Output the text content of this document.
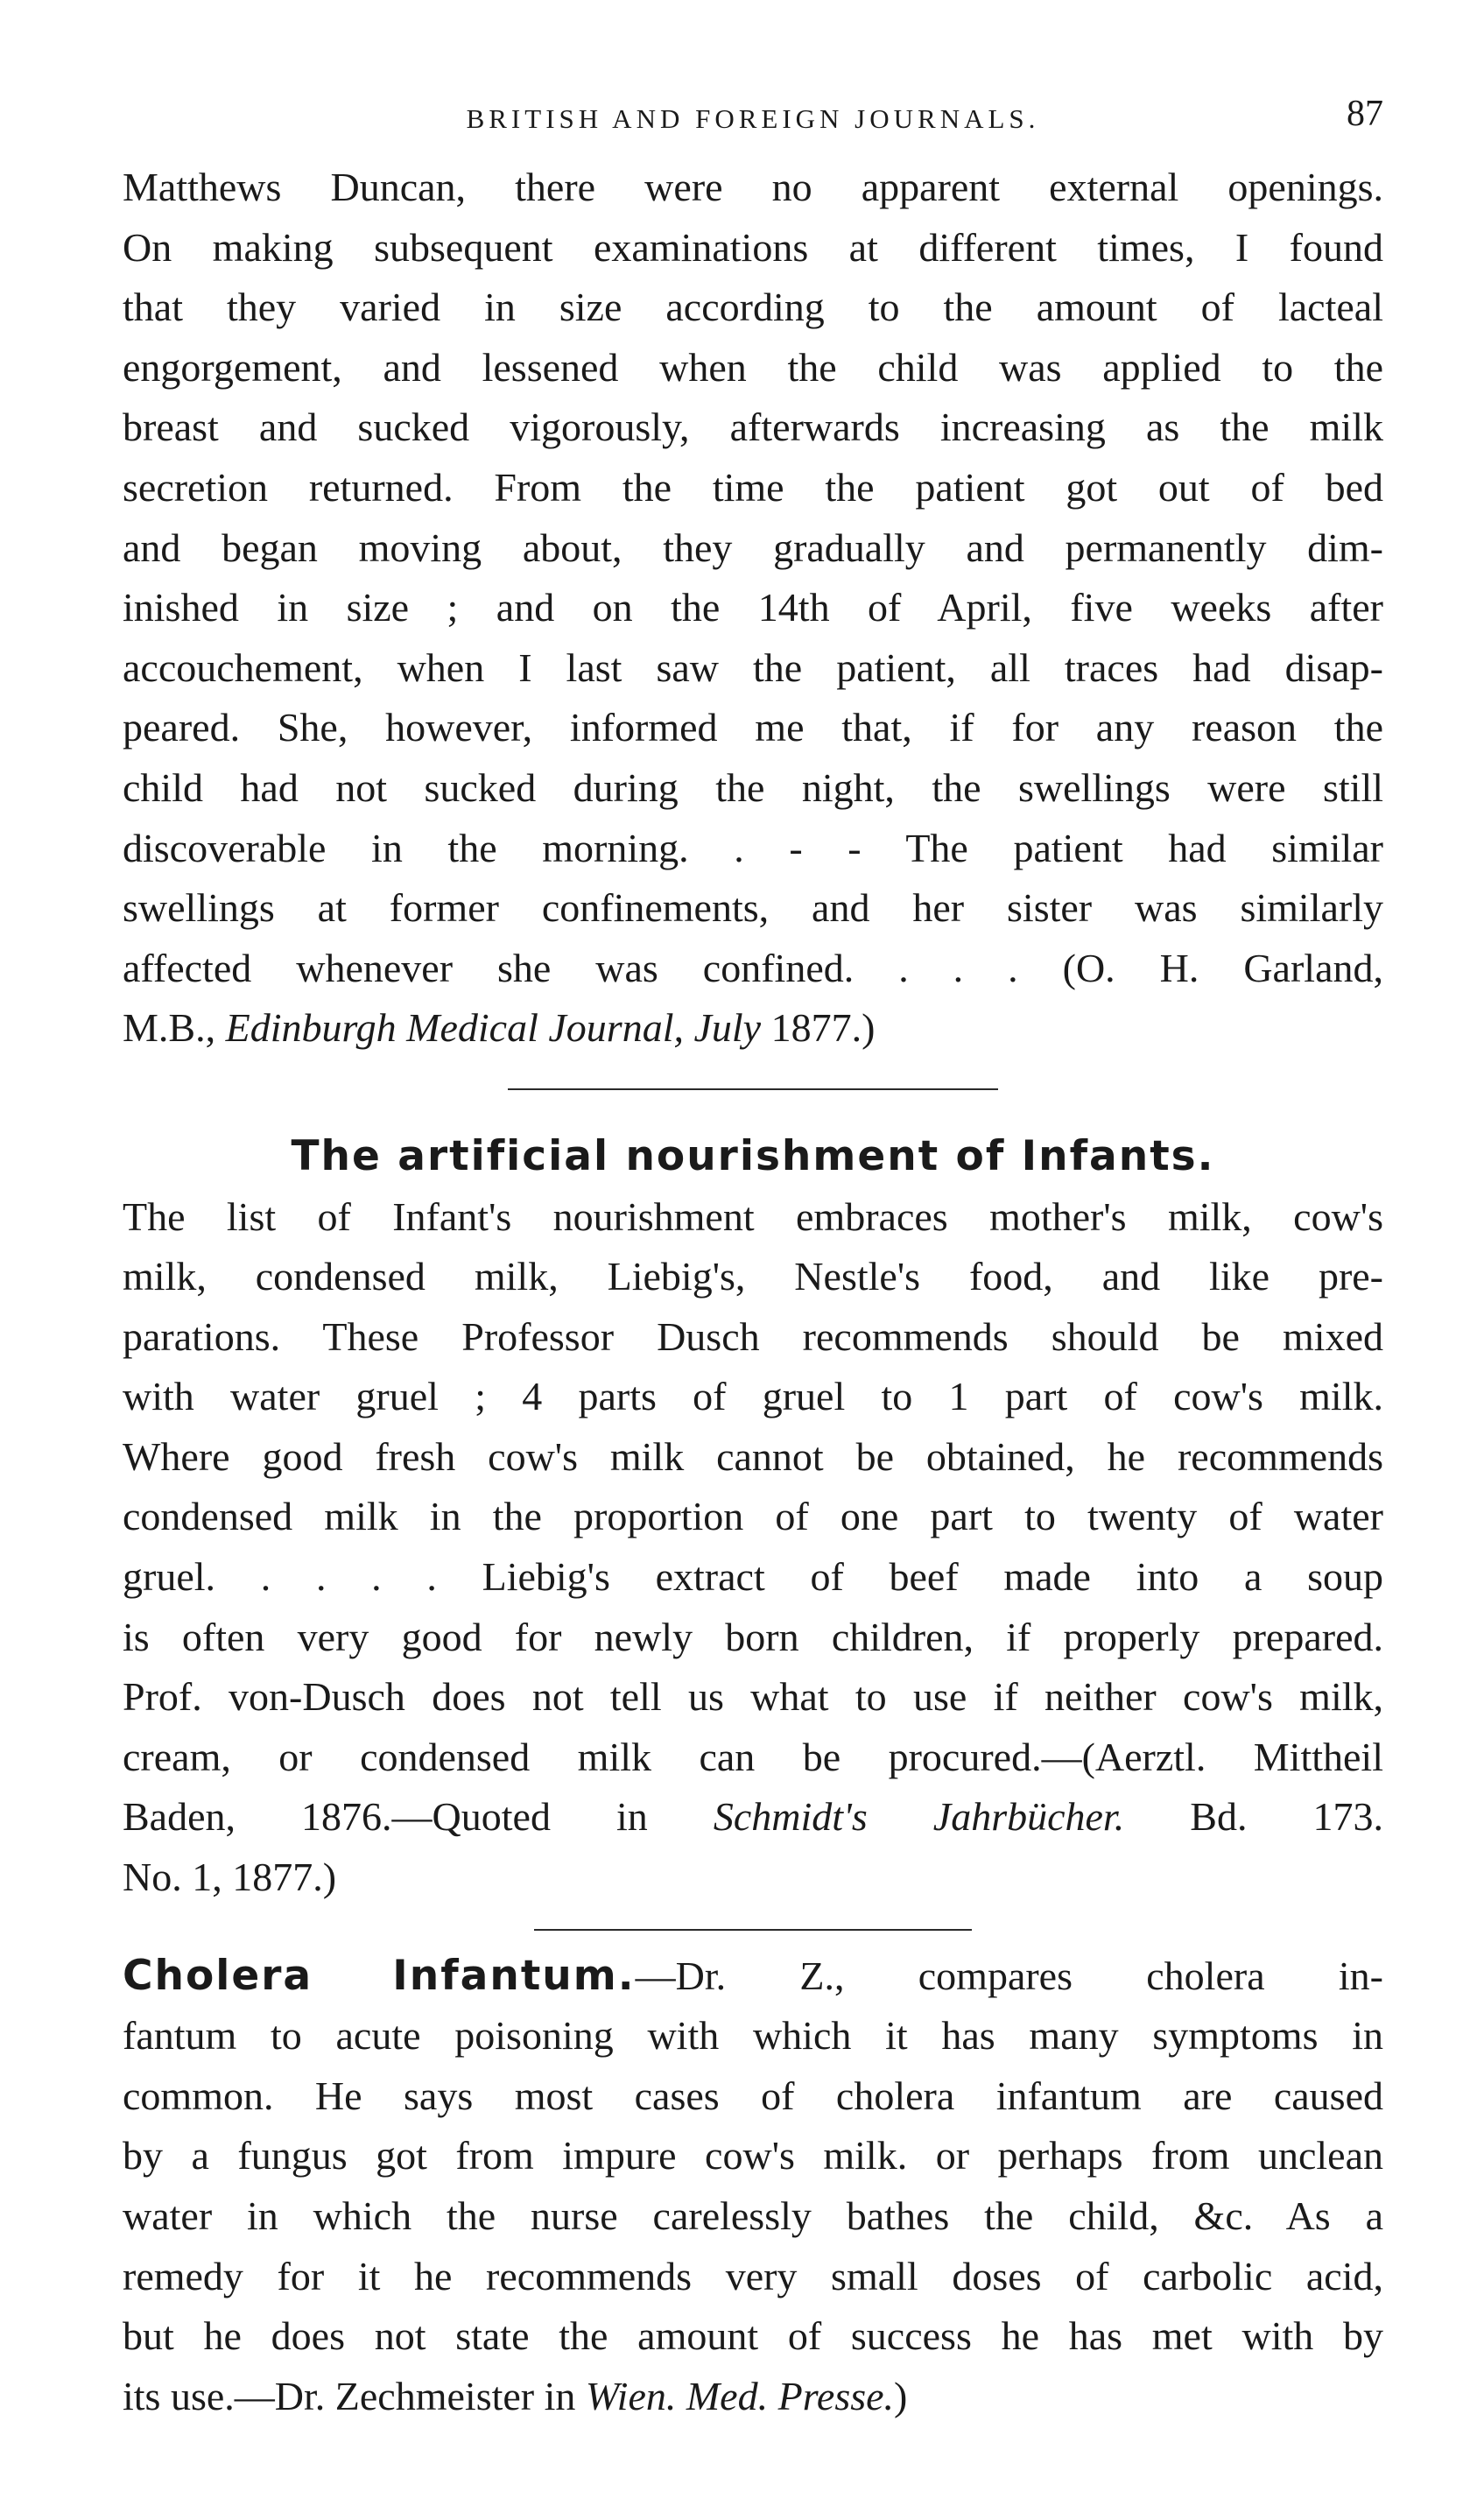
BRITISH AND FOREIGN JOURNALS.	87
Matthews Duncan, there were no apparent external openings.
On making subsequent examinations at different times, I found
that they varied in size according to the amount of lacteal
engorgement, and lessened when the child was applied to the
breast and sucked vigorously, afterwards increasing as the milk
secretion returned. From the time the patient got out of bed
and began moving about, they gradually and permanently dim-
inished in size ; and on the 14th of April, five weeks after
accouchement, when I last saw the patient, all traces had disap-
peared. She, however, informed me that, if for any reason the
child had not sucked during the night, the swellings were still
discoverable in the morning. . - - The patient had similar
swellings at former confinements, and her sister was similarly
affected whenever she was confined. . . . (O. H. Garland,
M.B., Edinburgh Medical Journal, July 1877.)
The artificial nourishment of Infants.
The list of Infant's nourishment embraces mother's milk, cow's
milk, condensed milk, Liebig's, Nestle's food, and like pre-
parations. These Professor Dusch recommends should be mixed
with water gruel ; 4 parts of gruel to 1 part of cow's milk.
Where good fresh cow's milk cannot be obtained, he recommends
condensed milk in the proportion of one part to twenty of water
gruel. . . . . Liebig's extract of beef made into a soup
is often very good for newly born children, if properly prepared.
Prof. von-Dusch does not tell us what to use if neither cow's milk,
cream, or condensed milk can be procured.—(Aerztl. Mittheil
Baden, 1876.—Quoted in Schmidt's Jahrbücher. Bd. 173.
No. 1, 1877.)
Cholera Infantum.—Dr. Z., compares cholera in-
fantum to acute poisoning with which it has many symptoms in
common. He says most cases of cholera infantum are caused
by a fungus got from impure cow's milk. or perhaps from unclean
water in which the nurse carelessly bathes the child, &c. As a
remedy for it he recommends very small doses of carbolic acid,
but he does not state the amount of success he has met with by
its use.—Dr. Zechmeister in Wien. Med. Presse.)
